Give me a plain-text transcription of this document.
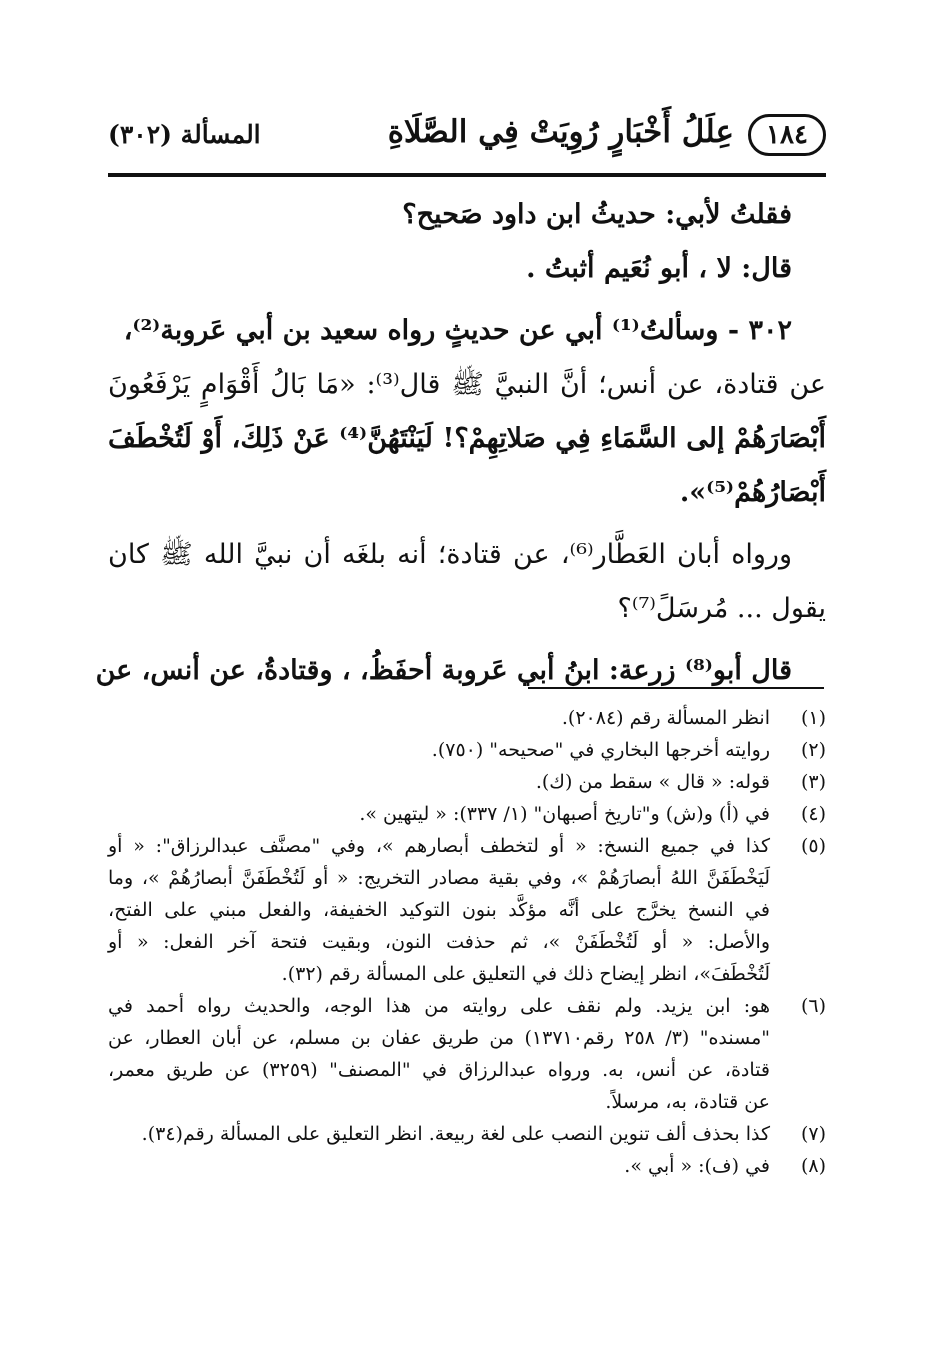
١٨٤
عِلَلُ أَخْبَارٍ رُوِيَتْ فِي الصَّلَاةِ
المسألة (٣٠٢)
فقلتُ لأبي: حديثُ ابن داود صَحيح؟
قال: لا ، أبو نُعَيم أثبتُ .
٣٠٢ - وسألتُ⁽¹⁾ أبي عن حديثٍ رواه سعيد بن أبي عَروبة⁽²⁾،
عن قتادة، عن أنس؛ أنَّ النبيَّ ﷺ قال⁽³⁾: «مَا بَالُ أَقْوَامٍ يَرْفَعُونَ
أَبْصَارَهُمْ إلى السَّمَاءِ فِي صَلاتِهِمْ؟! لَيَنْتَهُنَّ⁽⁴⁾ عَنْ ذَلِكَ، أَوْ لَتُخْطَفَ
أَبْصَارُهُمْ⁽⁵⁾».
ورواه أبان العَطَّار⁽⁶⁾، عن قتادة؛ أنه بلغَه أن نبيَّ الله ﷺ كان
يقول ... مُرسَلً⁽⁷⁾؟
قال أبو⁽⁸⁾ زرعة: ابنُ أبي عَروبة أحفَظُ، ، وقتادةُ، عن أنس، عن
(١)
انظر المسألة رقم (٢٠٨٤).
(٢)
روايته أخرجها البخاري في "صحيحه" (٧٥٠).
(٣)
قوله: « قال » سقط من (ك).
(٤)
في (أ) و(ش) و"تاريخ أصبهان" (١/ ٣٣٧): « ليتهين ».
(٥)
كذا في جميع النسخ: « أو لتخطف أبصارهم »، وفي "مصنَّف عبدالرزاق": « أو
لَيَخْطَفَنَّ اللهُ أبصارَهُمْ »، وفي بقية مصادر التخريج: « أو لَتُخْطَفَنَّ أبصارُهُمْ »، وما
في النسخ يخرَّج على أنَّه مؤكَّد بنون التوكيد الخفيفة، والفعل مبني على الفتح،
والأصل: « أو لَتُخْطَفَنْ »، ثم حذفت النون، وبقيت فتحة آخر الفعل: « أو
لَتُخْطَفَ»، انظر إيضاح ذلك في التعليق على المسألة رقم (٣٢).
(٦)
هو: ابن يزيد. ولم نقف على روايته من هذا الوجه، والحديث رواه أحمد في
"مسنده" (٣/ ٢٥٨ رقم١٣٧١٠) من طريق عفان بن مسلم، عن أبان العطار، عن
قتادة، عن أنس، به. ورواه عبدالرزاق في "المصنف" (٣٢٥٩) عن طريق معمر،
عن قتادة، به، مرسلاً.
(٧)
كذا بحذف ألف تنوين النصب على لغة ربيعة. انظر التعليق على المسألة رقم(٣٤).
(٨)
في (ف): « أبي ».
